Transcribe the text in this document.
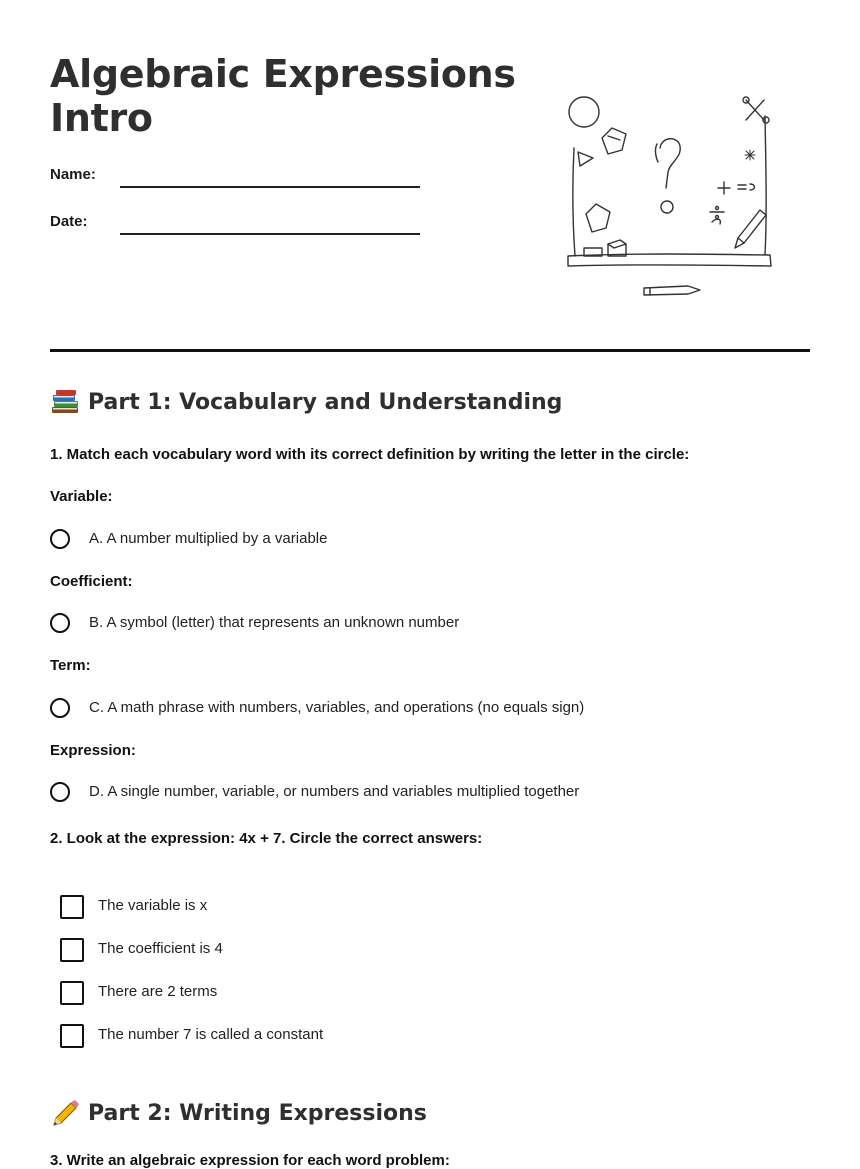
Algebraic Expressions
Intro
Name:
Date:
Part 1: Vocabulary and Understanding
1. Match each vocabulary word with its correct definition by writing the letter in the circle:
Variable:
A. A number multiplied by a variable
Coefficient:
B. A symbol (letter) that represents an unknown number
Term:
C. A math phrase with numbers, variables, and operations (no equals sign)
Expression:
D. A single number, variable, or numbers and variables multiplied together
2. Look at the expression: 4x + 7. Circle the correct answers:
The variable is x
The coefficient is 4
There are 2 terms
The number 7 is called a constant
Part 2: Writing Expressions
3. Write an algebraic expression for each word problem:
